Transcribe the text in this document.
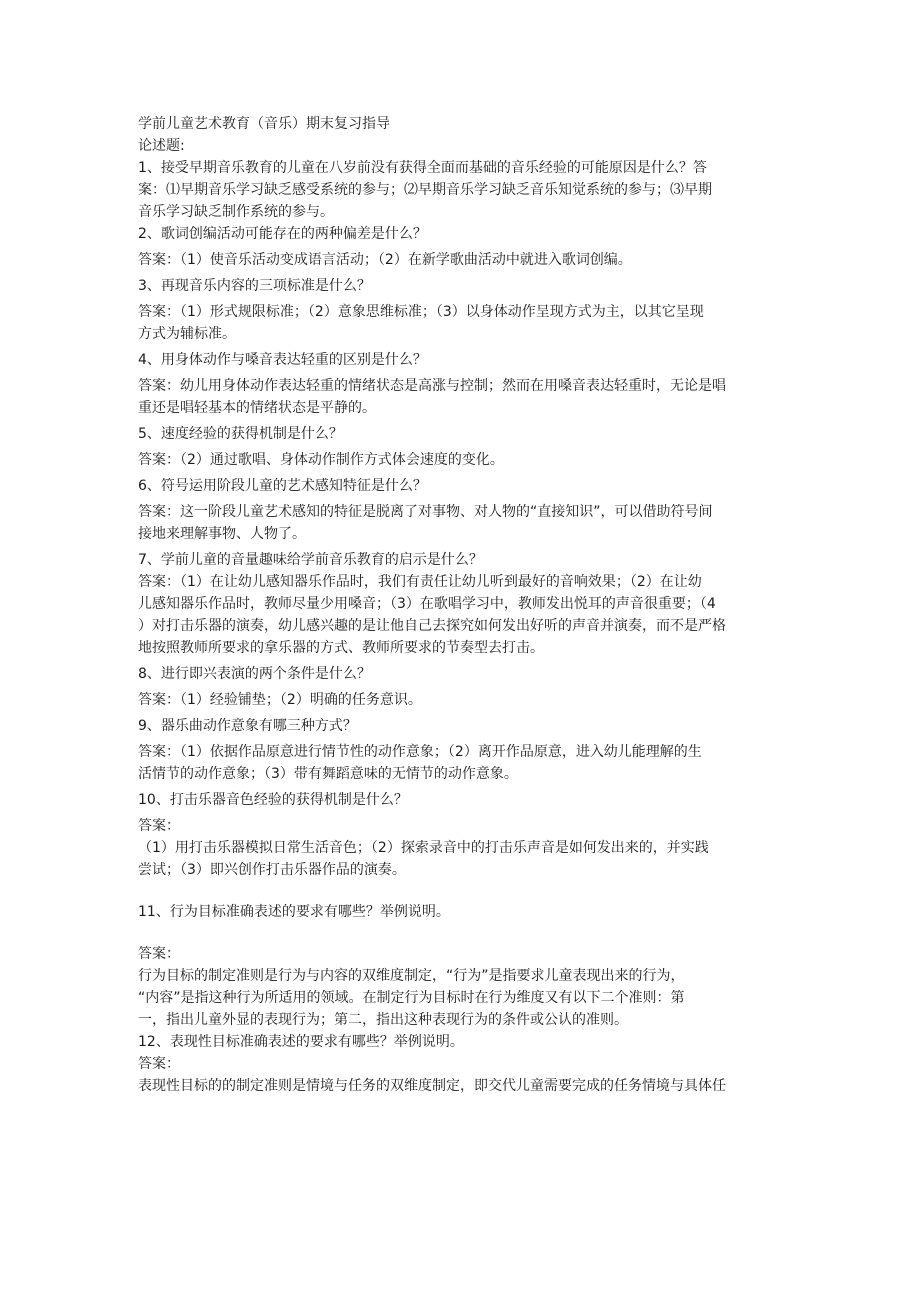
学前儿童艺术教育（音乐）期末复习指导
论述题:
1、接受早期音乐教育的儿童在八岁前没有获得全面而基础的音乐经验的可能原因是什么？答
案：⑴早期音乐学习缺乏感受系统的参与；⑵早期音乐学习缺乏音乐知觉系统的参与；⑶早期
音乐学习缺乏制作系统的参与。
2、歌词创编活动可能存在的两种偏差是什么？
答案：（1）使音乐活动变成语言活动；（2）在新学歌曲活动中就进入歌词创编。
3、再现音乐内容的三项标准是什么？
答案：（1）形式规限标准；（2）意象思维标准；（3）以身体动作呈现方式为主，以其它呈现
方式为辅标准。
4、用身体动作与嗓音表达轻重的区别是什么？
答案：幼儿用身体动作表达轻重的情绪状态是高涨与控制；然而在用嗓音表达轻重时，无论是唱
重还是唱轻基本的情绪状态是平静的。
5、速度经验的获得机制是什么？
答案：（2）通过歌唱、身体动作制作方式体会速度的变化。
6、符号运用阶段儿童的艺术感知特征是什么？
答案：这一阶段儿童艺术感知的特征是脱离了对事物、对人物的“直接知识”，可以借助符号间
接地来理解事物、人物了。
7、学前儿童的音量趣味给学前音乐教育的启示是什么？
答案：（1）在让幼儿感知器乐作品时，我们有责任让幼儿听到最好的音响效果；（2）在让幼
儿感知器乐作品时，教师尽量少用嗓音；（3）在歌唱学习中，教师发出悦耳的声音很重要；（4
）对打击乐器的演奏，幼儿感兴趣的是让他自己去探究如何发出好听的声音并演奏，而不是严格
地按照教师所要求的拿乐器的方式、教师所要求的节奏型去打击。
8、进行即兴表演的两个条件是什么？
答案：（1）经验铺垫；（2）明确的任务意识。
9、器乐曲动作意象有哪三种方式？
答案：（1）依据作品原意进行情节性的动作意象；（2）离开作品原意，进入幼儿能理解的生
活情节的动作意象；（3）带有舞蹈意味的无情节的动作意象。
10、打击乐器音色经验的获得机制是什么？
答案：
（1）用打击乐器模拟日常生活音色；（2）探索录音中的打击乐声音是如何发出来的，并实践
尝试；（3）即兴创作打击乐器作品的演奏。
11、行为目标准确表述的要求有哪些？举例说明。
答案：
行为目标的制定准则是行为与内容的双维度制定，“行为”是指要求儿童表现出来的行为，
“内容”是指这种行为所适用的领域。在制定行为目标时在行为维度又有以下二个准则：第
一，指出儿童外显的表现行为；第二，指出这种表现行为的条件或公认的准则。
12、表现性目标准确表述的要求有哪些？举例说明。
答案：
表现性目标的的制定准则是情境与任务的双维度制定，即交代儿童需要完成的任务情境与具体任
